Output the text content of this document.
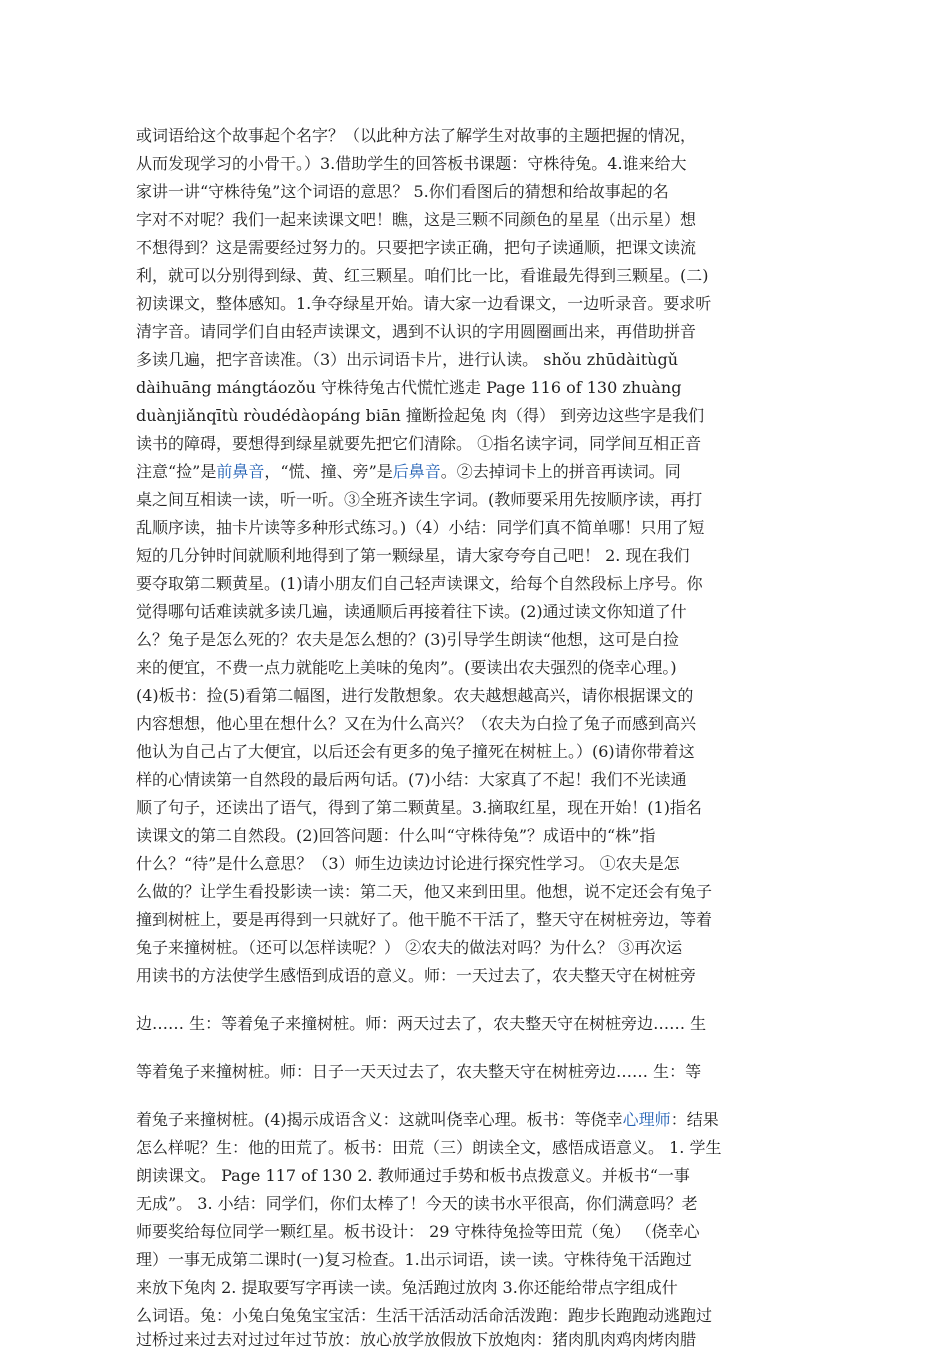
或词语给这个故事起个名字？（以此种方法了解学生对故事的主题把握的情况，
从而发现学习的小骨干。）3.借助学生的回答板书课题：守株待兔。4.谁来给大
家讲一讲“守株待兔”这个词语的意思？ 5.你们看图后的猜想和给故事起的名
字对不对呢？我们一起来读课文吧！瞧，这是三颗不同颜色的星星（出示星）想
不想得到？这是需要经过努力的。只要把字读正确，把句子读通顺，把课文读流
利，就可以分别得到绿、黄、红三颗星。咱们比一比，看谁最先得到三颗星。(二)
初读课文，整体感知。1.争夺绿星开始。请大家一边看课文，一边听录音。要求听
清字音。请同学们自由轻声读课文，遇到不认识的字用圆圈画出来，再借助拼音
多读几遍，把字音读准。（3）出示词语卡片，进行认读。 shǒu zhūdàitùgǔ
dàihuāng mángtáozǒu 守株待兔古代慌忙逃走 Page 116 of 130 zhuàng
duànjiǎnqītù ròudédàopáng biān 撞断捡起兔 肉（得） 到旁边这些字是我们
读书的障碍，要想得到绿星就要先把它们清除。 ①指名读字词，同学间互相正音
注意“捡”是前鼻音，“慌、撞、旁”是后鼻音。②去掉词卡上的拼音再读词。同
桌之间互相读一读，听一听。③全班齐读生字词。(教师要采用先按顺序读，再打
乱顺序读，抽卡片读等多种形式练习。)（4）小结：同学们真不简单哪！只用了短
短的几分钟时间就顺利地得到了第一颗绿星，请大家夸夸自己吧！ 2. 现在我们
要夺取第二颗黄星。(1)请小朋友们自己轻声读课文，给每个自然段标上序号。你
觉得哪句话难读就多读几遍，读通顺后再接着往下读。(2)通过读文你知道了什
么？兔子是怎么死的？农夫是怎么想的？(3)引导学生朗读“他想，这可是白捡
来的便宜，不费一点力就能吃上美味的兔肉”。(要读出农夫强烈的侥幸心理。)
(4)板书：捡(5)看第二幅图，进行发散想象。农夫越想越高兴，请你根据课文的
内容想想，他心里在想什么？又在为什么高兴？（农夫为白捡了兔子而感到高兴
他认为自己占了大便宜，以后还会有更多的兔子撞死在树桩上。）(6)请你带着这
样的心情读第一自然段的最后两句话。(7)小结：大家真了不起！我们不光读通
顺了句子，还读出了语气，得到了第二颗黄星。3.摘取红星，现在开始！(1)指名
读课文的第二自然段。(2)回答问题：什么叫“守株待兔”？成语中的“株”指
什么？“待”是什么意思？（3）师生边读边讨论进行探究性学习。 ①农夫是怎
么做的？让学生看投影读一读：第二天，他又来到田里。他想，说不定还会有兔子
撞到树桩上，要是再得到一只就好了。他干脆不干活了，整天守在树桩旁边，等着
兔子来撞树桩。（还可以怎样读呢？） ②农夫的做法对吗？为什么？ ③再次运
用读书的方法使学生感悟到成语的意义。师：一天过去了，农夫整天守在树桩旁
边…… 生：等着兔子来撞树桩。师：两天过去了，农夫整天守在树桩旁边…… 生
等着兔子来撞树桩。师：日子一天天过去了，农夫整天守在树桩旁边…… 生：等
着兔子来撞树桩。(4)揭示成语含义：这就叫侥幸心理。板书：等侥幸心理师：结果
怎么样呢？生：他的田荒了。板书：田荒（三）朗读全文，感悟成语意义。 1. 学生
朗读课文。 Page 117 of 130 2. 教师通过手势和板书点拨意义。并板书“一事
无成”。 3. 小结：同学们，你们太棒了！今天的读书水平很高，你们满意吗？老
师要奖给每位同学一颗红星。板书设计： 29 守株待兔捡等田荒（兔） （侥幸心
理）一事无成第二课时(一)复习检查。1.出示词语，读一读。守株待兔干活跑过
来放下兔肉 2. 提取要写字再读一读。兔活跑过放肉 3.你还能给带点字组成什
么词语。兔：小兔白兔兔宝宝活：生活干活活动活命活泼跑：跑步长跑跑动逃跑过
过桥过来过去对过过年过节放：放心放学放假放下放炮肉：猪肉肌肉鸡肉烤肉腊
